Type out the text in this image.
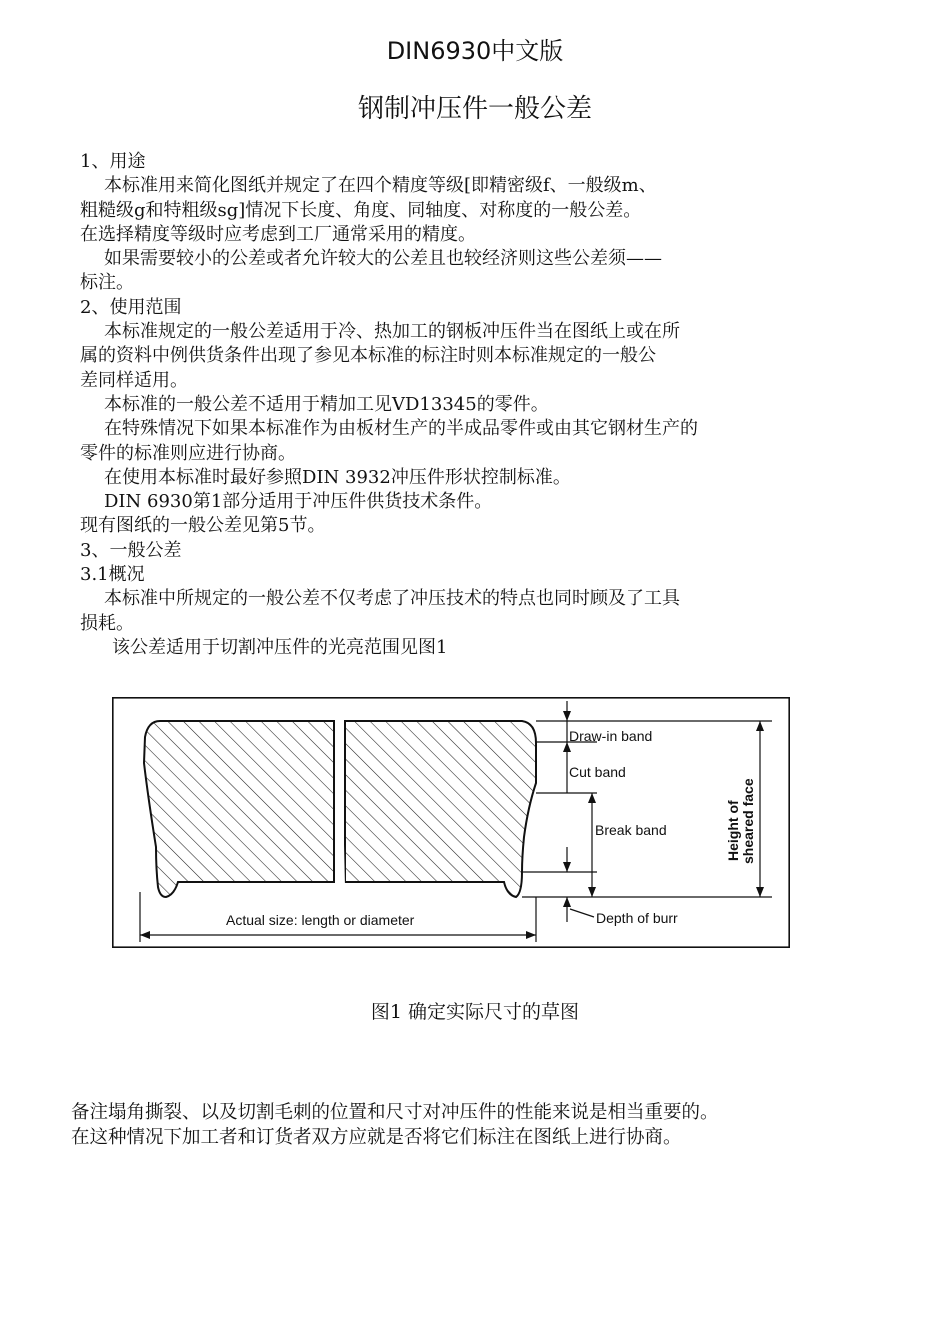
DIN6930中文版
钢制冲压件一般公差

1、用途

本标准用来简化图纸并规定了在四个精度等级[即精密级f、一般级m、

粗糙级g和特粗级sg]情况下长度、角度、同轴度、对称度的一般公差。

在选择精度等级时应考虑到工厂通常采用的精度。

如果需要较小的公差或者允许较大的公差且也较经济则这些公差须——

标注。

2、使用范围

本标准规定的一般公差适用于冷、热加工的钢板冲压件当在图纸上或在所

属的资料中例供货条件出现了参见本标准的标注时则本标准规定的一般公

差同样适用。

本标准的一般公差不适用于精加工见VD13345的零件。

在特殊情况下如果本标准作为由板材生产的半成品零件或由其它钢材生产的

零件的标准则应进行协商。

在使用本标准时最好参照DIN 3932冲压件形状控制标准。

DIN 6930第1部分适用于冲压件供货技术条件。

现有图纸的一般公差见第5节。

3、一般公差

3.1概况

本标准中所规定的一般公差不仅考虑了冲压技术的特点也同时顾及了工具

损耗。

该公差适用于切割冲压件的光亮范围见图1

Draw-in band
Cut band
Break band
Depth of burr
Actual size: length or diameter
Height of sheared face
图1 确定实际尺寸的草图

备注塌角撕裂、以及切割毛刺的位置和尺寸对冲压件的性能来说是相当重要的。

在这种情况下加工者和订货者双方应就是否将它们标注在图纸上进行协商。
